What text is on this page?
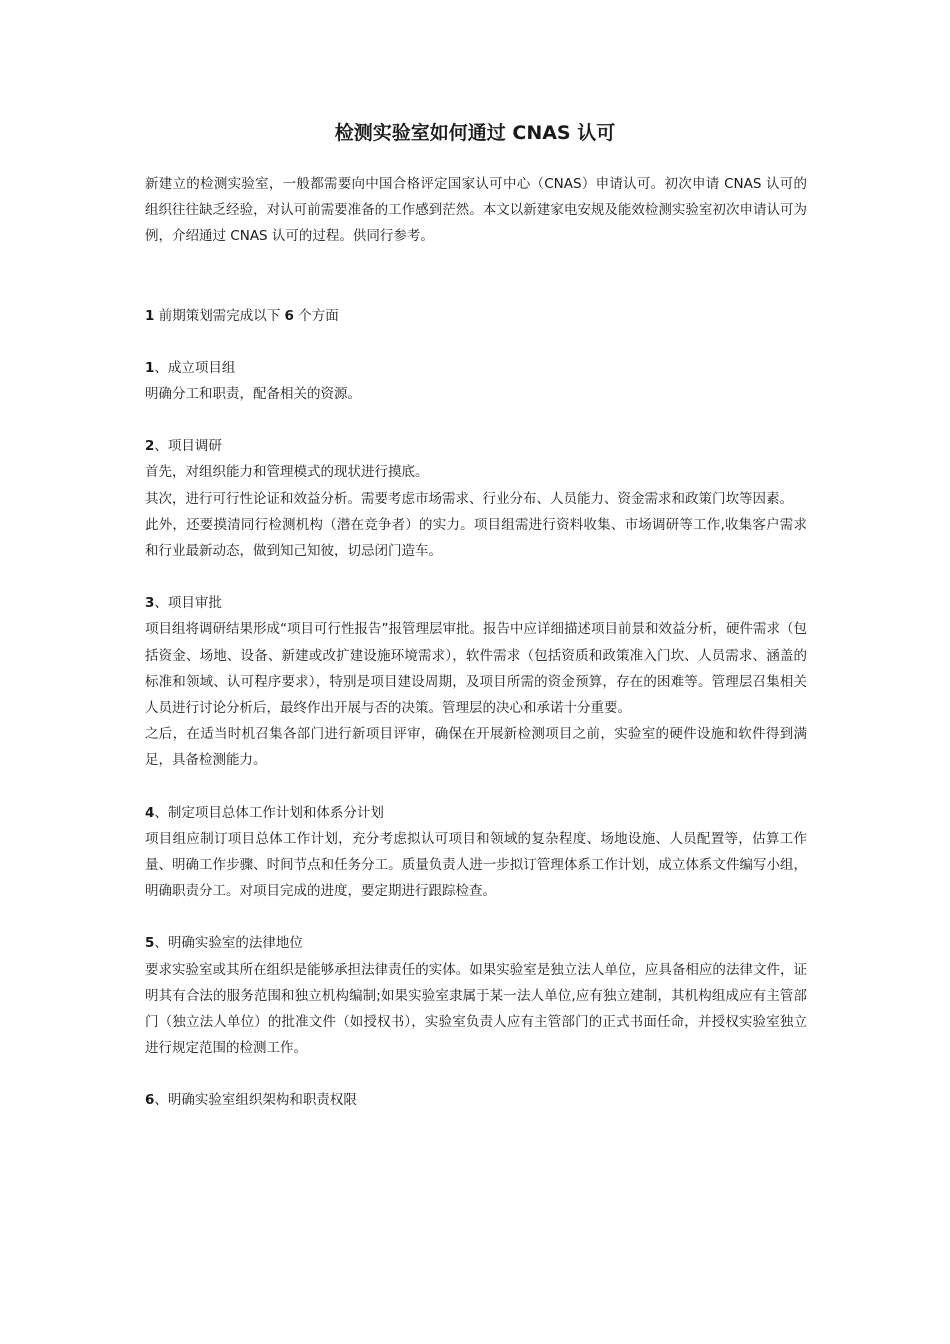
检测实验室如何通过 CNAS 认可

新建立的检测实验室，一般都需要向中国合格评定国家认可中心（CNAS）申请认可。初次申请 CNAS 认可的组织往往缺乏经验，对认可前需要准备的工作感到茫然。本文以新建家电安规及能效检测实验室初次申请认可为例，介绍通过 CNAS 认可的过程。供同行参考。

1 前期策划需完成以下 6 个方面

1、成立项目组

明确分工和职责，配备相关的资源。

2、项目调研

首先，对组织能力和管理模式的现状进行摸底。

其次，进行可行性论证和效益分析。需要考虑市场需求、行业分布、人员能力、资金需求和政策门坎等因素。

此外，还要摸清同行检测机构（潜在竞争者）的实力。项目组需进行资料收集、市场调研等工作,收集客户需求和行业最新动态，做到知己知彼，切忌闭门造车。

3、项目审批

项目组将调研结果形成“项目可行性报告”报管理层审批。报告中应详细描述项目前景和效益分析，硬件需求（包括资金、场地、设备、新建或改扩建设施环境需求），软件需求（包括资质和政策准入门坎、人员需求、涵盖的标准和领域、认可程序要求），特别是项目建设周期，及项目所需的资金预算，存在的困难等。管理层召集相关人员进行讨论分析后，最终作出开展与否的决策。管理层的决心和承诺十分重要。

之后，在适当时机召集各部门进行新项目评审，确保在开展新检测项目之前，实验室的硬件设施和软件得到满足，具备检测能力。

4、制定项目总体工作计划和体系分计划

项目组应制订项目总体工作计划，充分考虑拟认可项目和领域的复杂程度、场地设施、人员配置等，估算工作量、明确工作步骤、时间节点和任务分工。质量负责人进一步拟订管理体系工作计划，成立体系文件编写小组，明确职责分工。对项目完成的进度，要定期进行跟踪检查。

5、明确实验室的法律地位

要求实验室或其所在组织是能够承担法律责任的实体。如果实验室是独立法人单位，应具备相应的法律文件，证明其有合法的服务范围和独立机构编制;如果实验室隶属于某一法人单位,应有独立建制，其机构组成应有主管部门（独立法人单位）的批准文件（如授权书），实验室负责人应有主管部门的正式书面任命，并授权实验室独立进行规定范围的检测工作。

6、明确实验室组织架构和职责权限
